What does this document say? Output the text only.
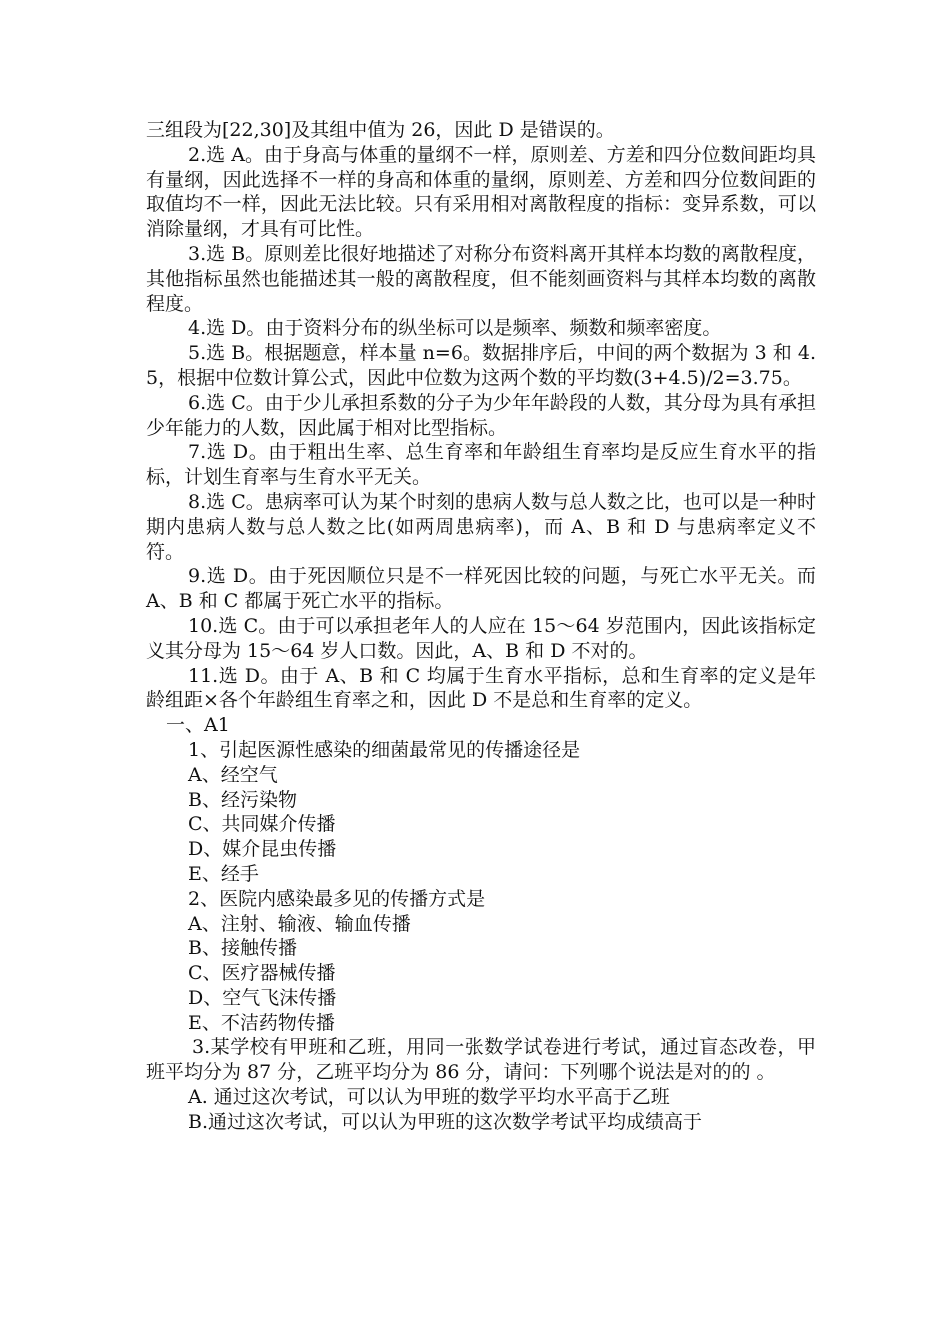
三组段为[22,30]及其组中值为 26，因此 D 是错误的。

2.选 A。由于身高与体重的量纲不一样，原则差、方差和四分位数间距均具有量纲，因此选择不一样的身高和体重的量纲，原则差、方差和四分位数间距的取值均不一样，因此无法比较。只有采用相对离散程度的指标：变异系数，可以消除量纲，才具有可比性。

3.选 B。原则差比很好地描述了对称分布资料离开其样本均数的离散程度，其他指标虽然也能描述其一般的离散程度，但不能刻画资料与其样本均数的离散程度。

4.选 D。由于资料分布的纵坐标可以是频率、频数和频率密度。

5.选 B。根据题意，样本量 n=6。数据排序后，中间的两个数据为 3 和 4.5，根据中位数计算公式，因此中位数为这两个数的平均数(3+4.5)/2=3.75。

6.选 C。由于少儿承担系数的分子为少年年龄段的人数，其分母为具有承担少年能力的人数，因此属于相对比型指标。

7.选 D。由于粗出生率、总生育率和年龄组生育率均是反应生育水平的指标，计划生育率与生育水平无关。

8.选 C。患病率可认为某个时刻的患病人数与总人数之比，也可以是一种时期内患病人数与总人数之比(如两周患病率)，而 A、B 和 D 与患病率定义不符。

9.选 D。由于死因顺位只是不一样死因比较的问题，与死亡水平无关。而 A、B 和 C 都属于死亡水平的指标。

10.选 C。由于可以承担老年人的人应在 15～64 岁范围内，因此该指标定义其分母为 15～64 岁人口数。因此，A、B 和 D 不对的。

11.选 D。由于 A、B 和 C 均属于生育水平指标，总和生育率的定义是年龄组距×各个年龄组生育率之和，因此 D 不是总和生育率的定义。

一、A1

1、引起医源性感染的细菌最常见的传播途径是

A、经空气

B、经污染物

C、共同媒介传播

D、媒介昆虫传播

E、经手

2、医院内感染最多见的传播方式是

A、注射、输液、输血传播

B、接触传播

C、医疗器械传播

D、空气飞沫传播

E、不洁药物传播

3.某学校有甲班和乙班，用同一张数学试卷进行考试，通过盲态改卷，甲班平均分为 87 分，乙班平均分为 86 分，请问：下列哪个说法是对的的 。

A. 通过这次考试，可以认为甲班的数学平均水平高于乙班

B.通过这次考试，可以认为甲班的这次数学考试平均成绩高于
